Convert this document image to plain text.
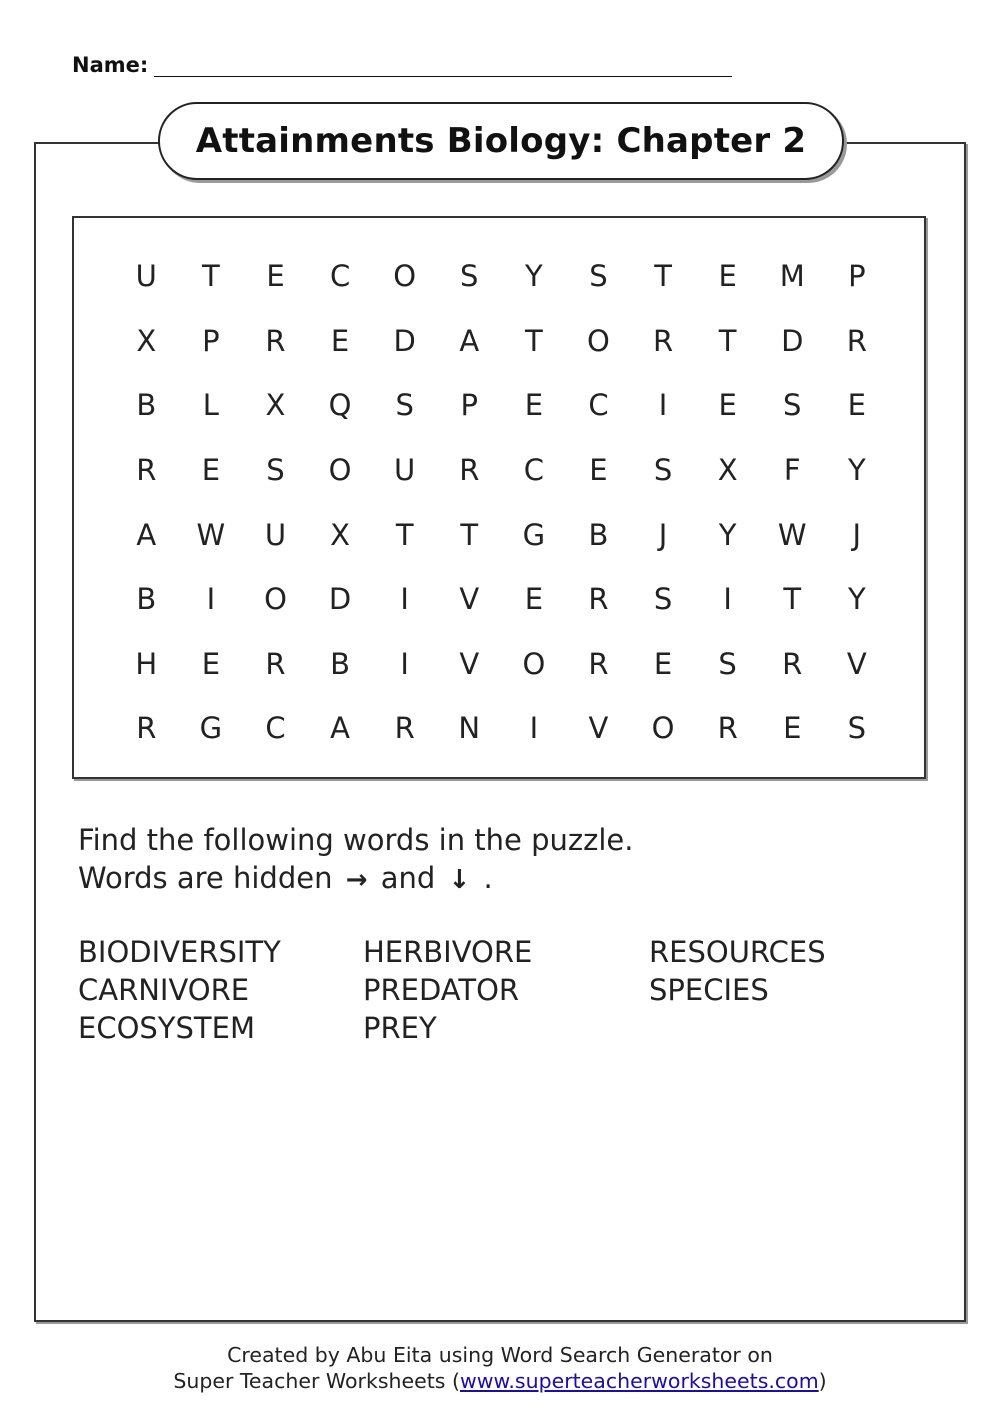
Name:
Attainments Biology: Chapter 2
U	T	E	C	O	S	Y	S	T	E	M	P
X	P	R	E	D	A	T	O	R	T	D	R
B	L	X	Q	S	P	E	C	I	E	S	E
R	E	S	O	U	R	C	E	S	X	F	Y
A	W	U	X	T	T	G	B	J	Y	W	J
B	I	O	D	I	V	E	R	S	I	T	Y
H	E	R	B	I	V	O	R	E	S	R	V
R	G	C	A	R	N	I	V	O	R	E	S
Find the following words in the puzzle.
Words are hidden → and ↓ .
BIODIVERSITY
CARNIVORE
ECOSYSTEM
HERBIVORE
PREDATOR
PREY
RESOURCES
SPECIES
Created by Abu Eita using Word Search Generator on
Super Teacher Worksheets (www.superteacherworksheets.com)
